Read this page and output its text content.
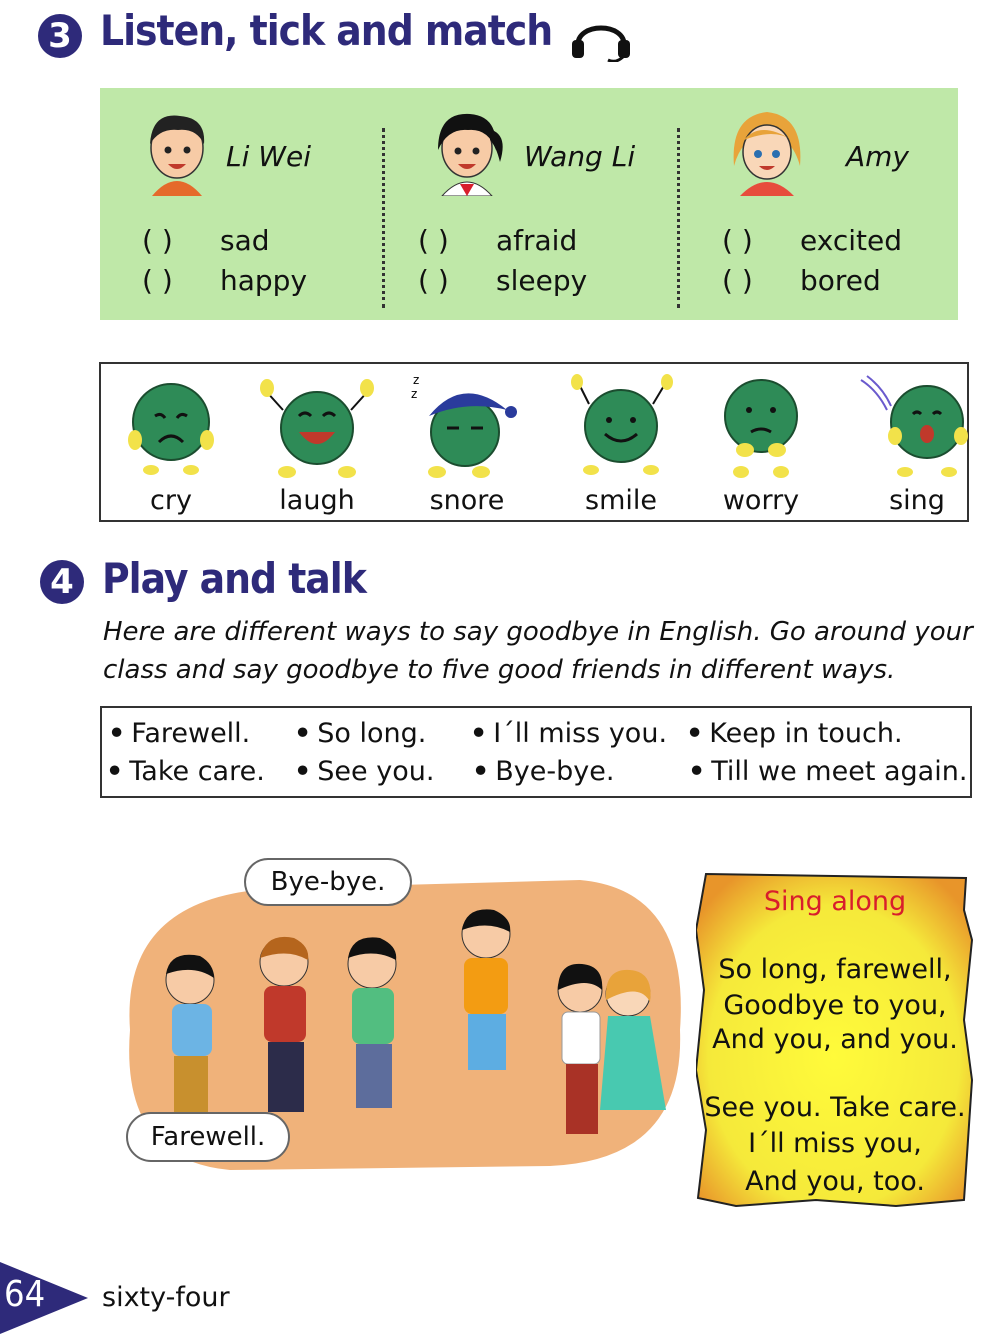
3 Listen, tick and match
Li Wei
( ) sad
( ) happy
Wang Li
( ) afraid
( ) sleepy
Amy
( ) excited
( ) bored
cry	laugh
z
z
snore	smile	worry	sing
4 Play and talk
Here are different ways to say goodbye in English. Go around your
class and say goodbye to five good friends in different ways.
• Farewell.	• So long.	• I´ll miss you.	• Keep in touch.
• Take care.	• See you.	• Bye-bye.	• Till we meet again.
Bye-bye.
Farewell.
Sing along
So long, farewell,
Goodbye to you,
And you, and you.
See you. Take care.
I´ll miss you,
And you, too.
64 sixty-four
